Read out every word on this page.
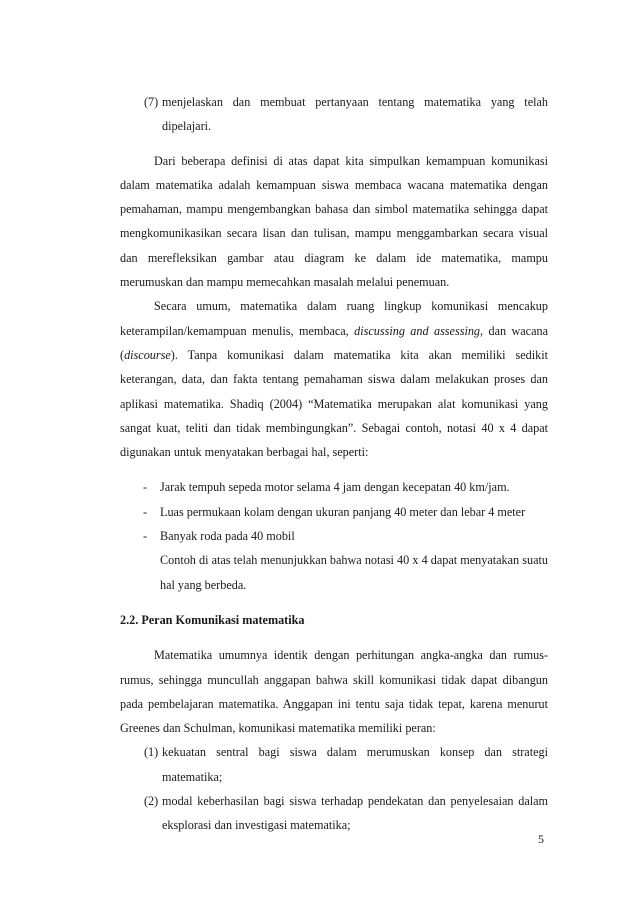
(7) menjelaskan dan membuat pertanyaan tentang matematika yang telah dipelajari.

Dari beberapa definisi di atas dapat kita simpulkan kemampuan komunikasi dalam matematika adalah kemampuan siswa membaca wacana matematika dengan pemahaman, mampu mengembangkan bahasa dan simbol matematika sehingga dapat mengkomunikasikan secara lisan dan tulisan, mampu menggambarkan secara visual dan merefleksikan gambar atau diagram ke dalam ide matematika, mampu merumuskan dan mampu memecahkan masalah melalui penemuan.

Secara umum, matematika dalam ruang lingkup komunikasi mencakup keterampilan/kemampuan menulis, membaca, discussing and assessing, dan wacana (discourse). Tanpa komunikasi dalam matematika kita akan memiliki sedikit keterangan, data, dan fakta tentang pemahaman siswa dalam melakukan proses dan aplikasi matematika. Shadiq (2004) “Matematika merupakan alat komunikasi yang sangat kuat, teliti dan tidak membingungkan”. Sebagai contoh, notasi 40 x 4 dapat digunakan untuk menyatakan berbagai hal, seperti:

-	Jarak tempuh sepeda motor selama 4 jam dengan kecepatan 40 km/jam.
-	Luas permukaan kolam dengan ukuran panjang 40 meter dan lebar 4 meter
-	Banyak roda pada 40 mobil

Contoh di atas telah menunjukkan bahwa notasi 40 x 4 dapat menyatakan suatu hal yang berbeda.

2.2. Peran Komunikasi matematika

Matematika umumnya identik dengan perhitungan angka-angka dan rumus-rumus, sehingga muncullah anggapan bahwa skill komunikasi tidak dapat dibangun pada pembelajaran matematika. Anggapan ini tentu saja tidak tepat, karena menurut Greenes dan Schulman, komunikasi matematika memiliki peran:

(1) kekuatan sentral bagi siswa dalam merumuskan konsep dan strategi matematika;
(2) modal keberhasilan bagi siswa terhadap pendekatan dan penyelesaian dalam eksplorasi dan investigasi matematika;
5
